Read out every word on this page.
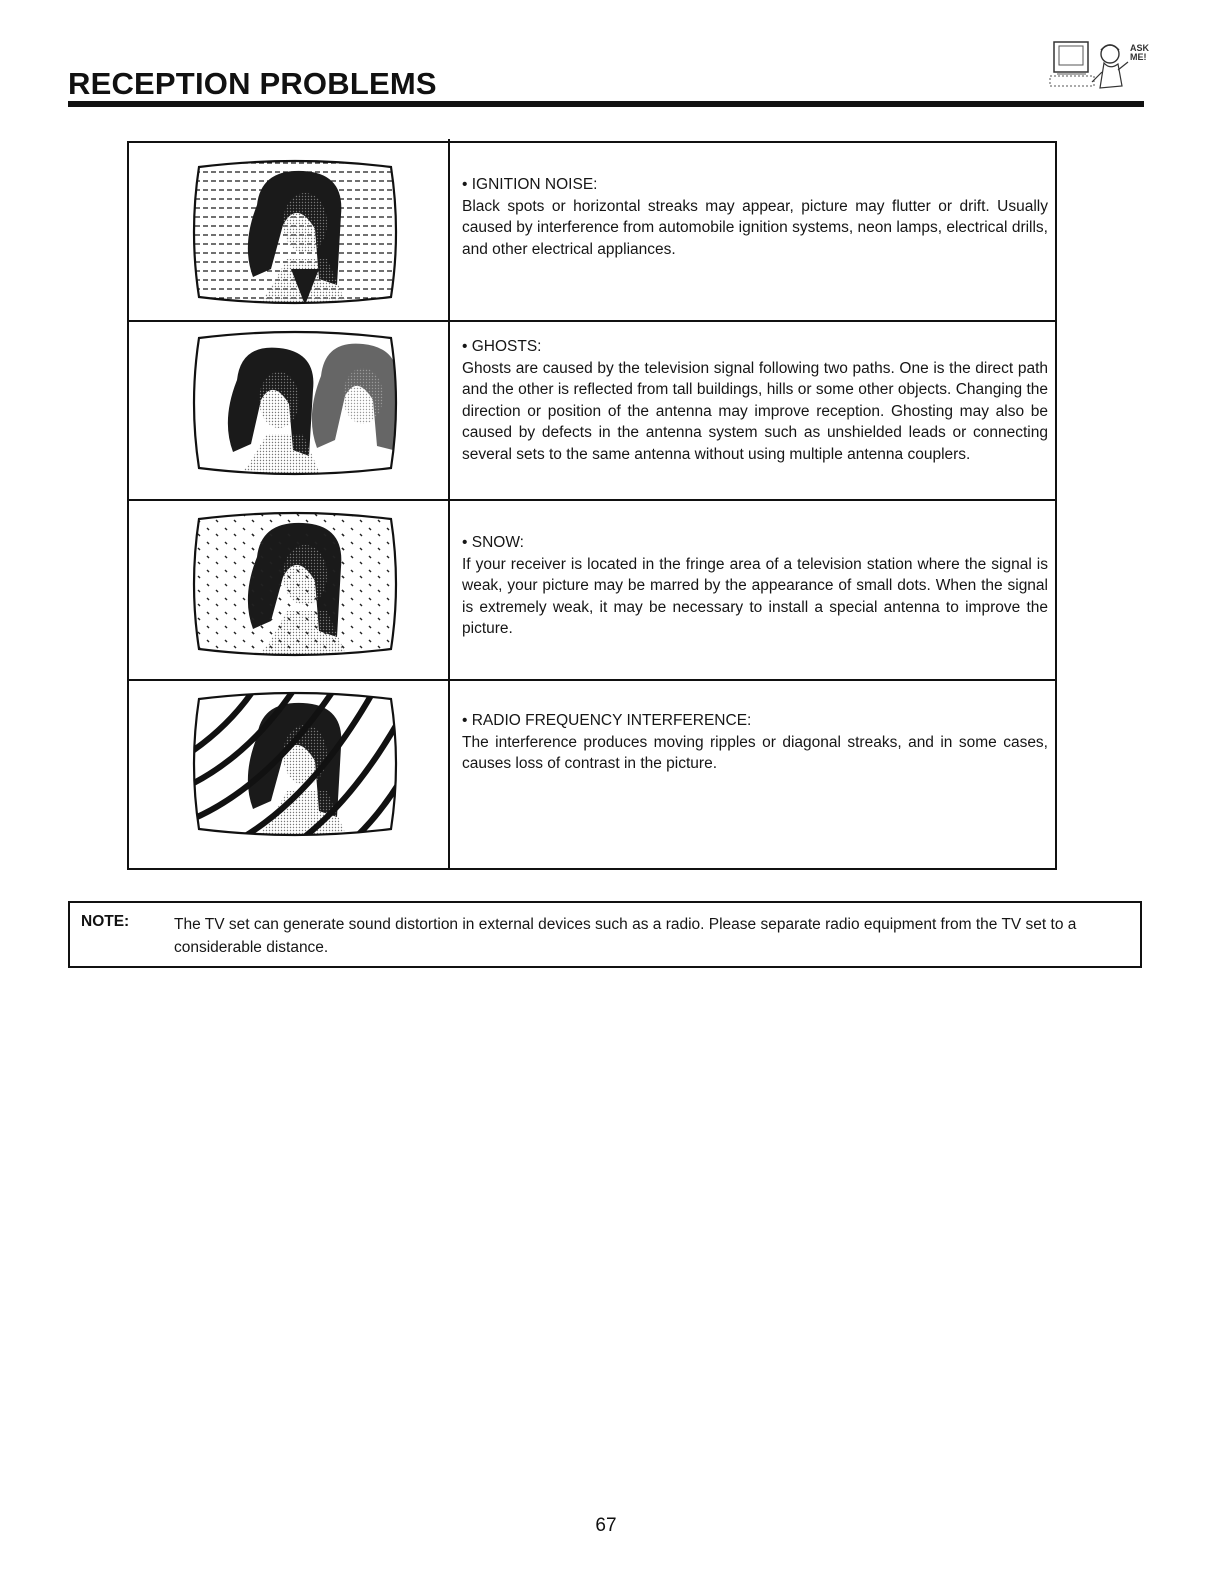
RECEPTION PROBLEMS
ASK ME!
• IGNITION NOISE:
Black spots or horizontal streaks may appear, picture may flutter or drift. Usually caused by interference from automobile ignition systems, neon lamps, electrical drills, and other electrical appliances.
• GHOSTS:
Ghosts are caused by the television signal following two paths. One is the direct path and the other is reflected from tall buildings, hills or some other objects. Changing the direction or position of the antenna may improve reception. Ghosting may also be caused by defects in the antenna system such as unshielded leads or connecting several sets to the same antenna without using multiple antenna couplers.
• SNOW:
If your receiver is located in the fringe area of a television station where the signal is weak, your picture may be marred by the appearance of small dots. When the signal is extremely weak, it may be necessary to install a special antenna to improve the picture.
• RADIO FREQUENCY INTERFERENCE:
The interference produces moving ripples or diagonal streaks, and in some cases, causes loss of contrast in the picture.
NOTE:	The TV set can generate sound distortion in external devices such as a radio. Please separate radio equipment from the TV set to a considerable distance.
67
